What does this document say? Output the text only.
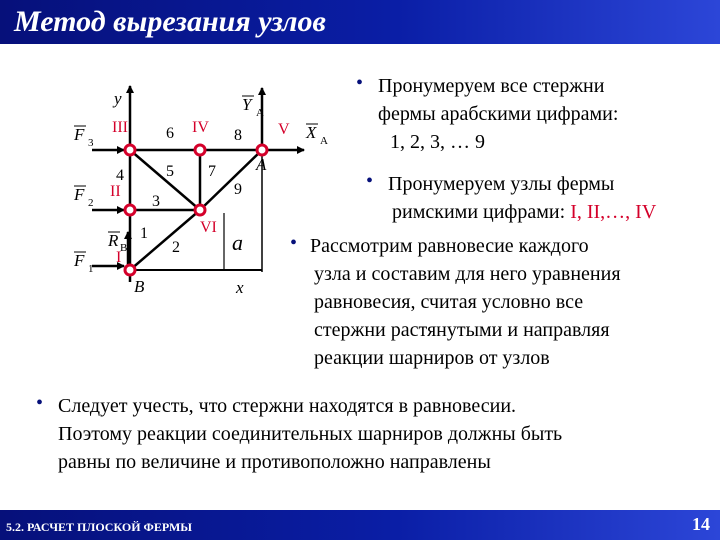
Метод вырезания узлов
y
x
B
A
a
F 3
F 2
F 1
R B
Y A
X A
I
II
III	IV	V
VI
1
2
3
4	5
6
7
8
9
• Пронумеруем все стержни
фермы арабскими цифрами:
1, 2, 3, … 9
• Пронумеруем узлы фермы
римскими цифрами: I, II,…, IV
• Рассмотрим равновесие каждого
узла и составим для него уравнения
равновесия, считая условно все
стержни растянутыми и направляя
реакции шарниров от узлов
• Следует учесть, что стержни находятся в равновесии.
Поэтому реакции соединительных шарниров должны быть
равны по величине и противоположно направлены
5.2. РАСЧЕТ ПЛОСКОЙ ФЕРМЫ	14
